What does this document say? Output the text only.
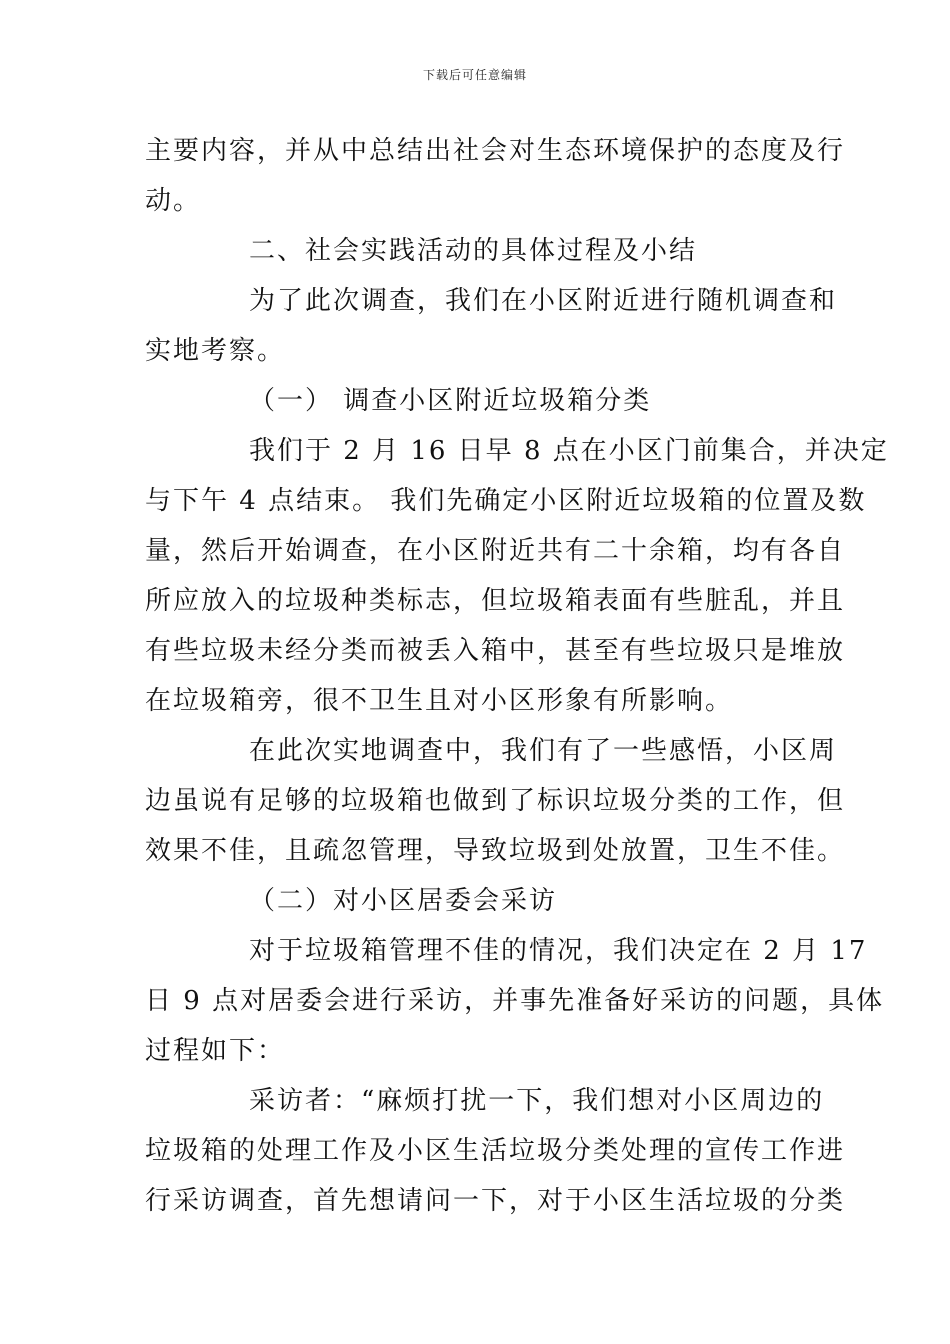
下载后可任意编辑
主要内容，并从中总结出社会对生态环境保护的态度及行
动。
二、社会实践活动的具体过程及小结
为了此次调查，我们在小区附近进行随机调查和
实地考察。
（一） 调查小区附近垃圾箱分类
我们于 2 月 16 日早 8 点在小区门前集合，并决定
与下午 4 点结束。 我们先确定小区附近垃圾箱的位置及数
量，然后开始调查，在小区附近共有二十余箱，均有各自
所应放入的垃圾种类标志，但垃圾箱表面有些脏乱，并且
有些垃圾未经分类而被丢入箱中，甚至有些垃圾只是堆放
在垃圾箱旁，很不卫生且对小区形象有所影响。
在此次实地调查中，我们有了一些感悟，小区周
边虽说有足够的垃圾箱也做到了标识垃圾分类的工作，但
效果不佳，且疏忽管理，导致垃圾到处放置，卫生不佳。
（二）对小区居委会采访
对于垃圾箱管理不佳的情况，我们决定在 2 月 17
日 9 点对居委会进行采访，并事先准备好采访的问题，具体
过程如下：
采访者：“麻烦打扰一下，我们想对小区周边的
垃圾箱的处理工作及小区生活垃圾分类处理的宣传工作进
行采访调查，首先想请问一下，对于小区生活垃圾的分类
